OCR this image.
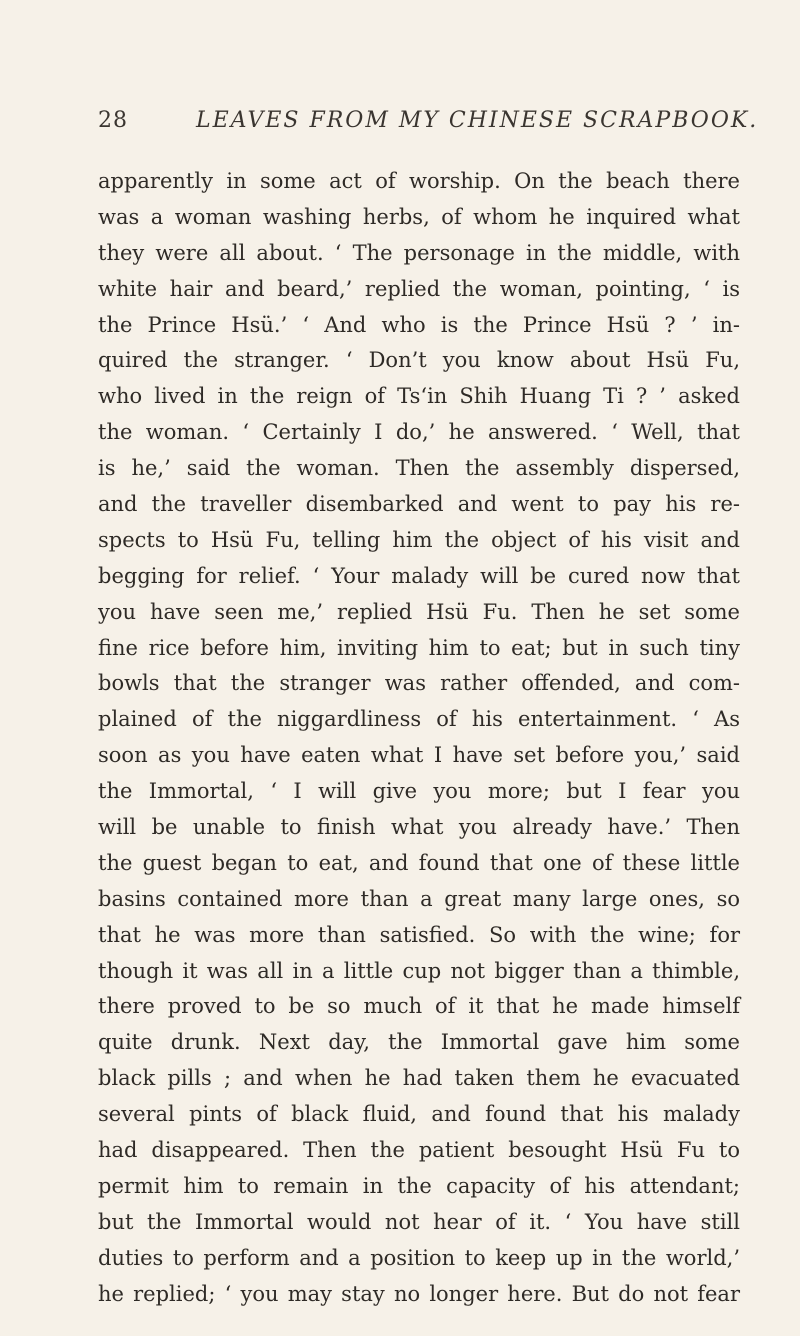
28	LEAVES FROM MY CHINESE SCRAPBOOK.
apparently in some act of worship. On the beach there
was a woman washing herbs, of whom he inquired what
they were all about. ‘ The personage in the middle, with
white hair and beard,’ replied the woman, pointing, ‘ is
the Prince Hsü.’ ‘ And who is the Prince Hsü ? ’ in-
quired the stranger. ‘ Don’t you know about Hsü Fu,
who lived in the reign of Tsʻin Shih Huang Ti ? ’ asked
the woman. ‘ Certainly I do,’ he answered. ‘ Well, that
is he,’ said the woman. Then the assembly dispersed,
and the traveller disembarked and went to pay his re-
spects to Hsü Fu, telling him the object of his visit and
begging for relief. ‘ Your malady will be cured now that
you have seen me,’ replied Hsü Fu. Then he set some
fine rice before him, inviting him to eat; but in such tiny
bowls that the stranger was rather offended, and com-
plained of the niggardliness of his entertainment. ‘ As
soon as you have eaten what I have set before you,’ said
the Immortal, ‘ I will give you more; but I fear you
will be unable to finish what you already have.’ Then
the guest began to eat, and found that one of these little
basins contained more than a great many large ones, so
that he was more than satisfied. So with the wine; for
though it was all in a little cup not bigger than a thimble,
there proved to be so much of it that he made himself
quite drunk. Next day, the Immortal gave him some
black pills ; and when he had taken them he evacuated
several pints of black fluid, and found that his malady
had disappeared. Then the patient besought Hsü Fu to
permit him to remain in the capacity of his attendant;
but the Immortal would not hear of it. ‘ You have still
duties to perform and a position to keep up in the world,’
he replied; ‘ you may stay no longer here. But do not fear
